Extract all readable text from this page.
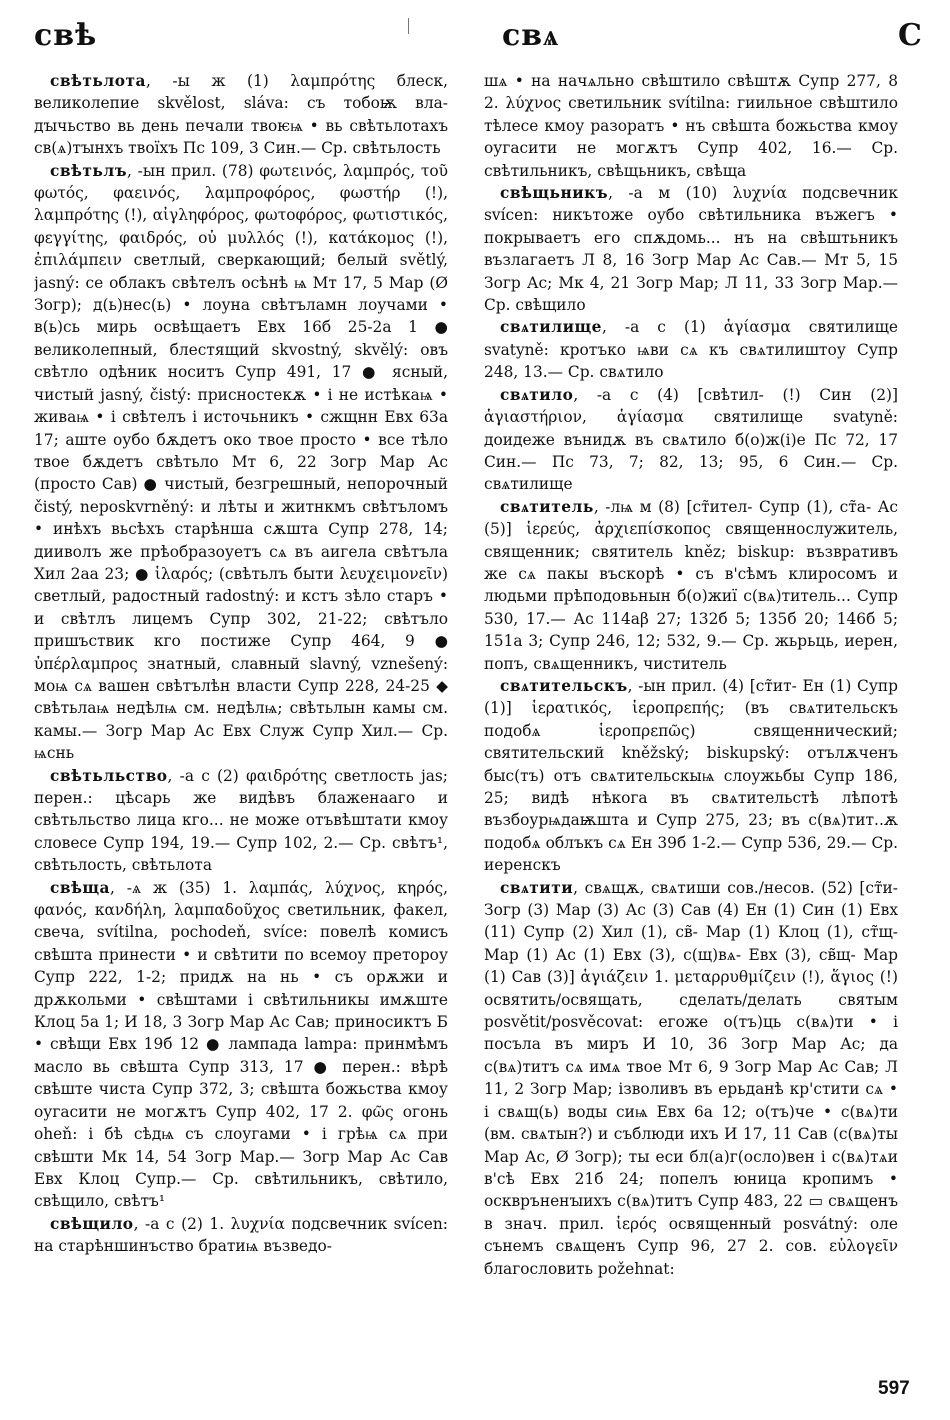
свѣ	свѧ	С

свѣтьлота, -ы ж (1) λαμπρότης блеск, великолепие skvělost, sláva: съ тобоѭ вла-дꙑчьство вь день печали твоѥѩ • вь свѣтьлотахъ св(ѧ)тꙑнхъ твоїхъ Пс 109, 3 Син.— Ср. свѣтьлость

свѣтьлъ, -ын прил. (78) φωτεινός, λαμπρός, τοῦ φωτός, φαεινός, λαμπροφόρος, φωστήρ (!), λαμπρότης (!), αἰγληφόρος, φωτοφόρος, φωτιστικός, φεγγίτης, φαιδρός, οὐ μυλλός (!), κατάκομος (!), ἐπιλάμπειν светлый, сверкающий; белый světlý, jasný: се облакъ свѣтелъ осѣнѣ ѩ Мт 17, 5 Мар (Ø Зогр); д(ь)нес(ь) • лоуна свѣтъламн лоучами • в(ь)сь мирь освѣщаетъ Евх 16б 25-2а 1 ● великолепный, блестящий skvostný, skvělý: овъ свѣтло одѣник носитъ Супр 491, 17 ● ясный, чистый jasný, čistý: присностекѫ • і не истѣкаѩ • живаѩ • і свѣтелъ і источьникъ • сжщнн Евх 63а 17; аште оубо бѫдетъ око твое просто • все тѣло твое бѫдетъ свѣтьло Мт 6, 22 Зогр Мар Ас (просто Сав) ● чистый, безгрешный, непорочный čistý, neposkvrněný: и лѣты и житнкмъ свѣтъломъ • инѣхъ вьсѣхъ старѣнша сѫшта Супр 278, 14; дииволъ же прѣобразоуетъ сѧ въ аигела свѣтъла Хил 2аа 23; ● ἱλαρός; (свѣтьлъ быти λευχειμονεῖν) светлый, радостный radostný: и кстъ зѣло старъ • и свѣтлъ лицемъ Супр 302, 21-22; свѣтъло пришъствик кго постиже Супр 464, 9 ● ὑπέρλαμπρος знатный, славный slavný, vznešený: моѩ сѧ вашен свѣтълѣн власти Супр 228, 24-25 ◆ свѣтьлаѩ недѣлѩ см. недѣлѩ; свѣтьлын камы см. камы.— Зогр Мар Ас Евх Служ Супр Хил.— Ср. ѩснь

свѣтьльство, -а с (2) φαιδρότης светлость jas; перен.: цѣсарь же видѣвъ блаженааго и свѣтьльство лица кго... не може отъвѣштати кмоу словесе Супр 194, 19.— Супр 102, 2.— Ср. свѣтъ¹, свѣтьлость, свѣтьлота

свѣща, -ѧ ж (35) 1. λαμπάς, λύχνος, κηρός, φανός, κανδήλη, λαμπαδοῦχος светильник, факел, свеча, svítilna, pochodeň, svíce: повелѣ комисъ свѣшта принести • и свѣтити по всемоу претороу Супр 222, 1-2; придѫ на нь • съ орѫжи и дрѫкольми • свѣштами і свѣтильникы имѫште Клоц 5а 1; И 18, 3 Зогр Мар Ас Сав; приносиктъ Б • свѣщи Евх 19б 12 ● лампада lampa: принмѣмъ масло вь свѣшта Супр 313, 17 ● перен.: вѣрѣ свѣште чиста Супр 372, 3; свѣшта божьства кмоу оугасити не могѫтъ Супр 402, 17 2. φῶς огонь oheň: і бѣ сѣдѩ съ слоугами • і грѣѩ сѧ при свѣшти Мк 14, 54 Зогр Мар.— Зогр Мар Ас Сав Евх Клоц Супр.— Ср. свѣтильникъ, свѣтило, свѣщило, свѣтъ¹

свѣщило, -а с (2) 1. λυχνία подсвечник svícen: на старѣншинъство братиѩ възведо-

шѧ • на начѧльно свѣштило свѣштѫ Супр 277, 8 2. λύχνος светильник svítilna: гиильное свѣштило тѣлесе кмоу разоратъ • нъ свѣшта божьства кмоу оугасити не могѫтъ Супр 402, 16.— Ср. свѣтильникъ, свѣщьникъ, свѣща

свѣщьникъ, -а м (10) λυχνία подсвечник svícen: никътоже оубо свѣтильника въжегъ • покрываетъ его спѫдомь... нъ на свѣштьникъ възлагаетъ Л 8, 16 Зогр Мар Ас Сав.— Мт 5, 15 Зогр Ас; Мк 4, 21 Зогр Мар; Л 11, 33 Зогр Мар.— Ср. свѣщило

свѧтилище, -а с (1) ἁγίασμα святилище svatyně: кротъко ѩви сѧ къ свѧтилиштоу Супр 248, 13.— Ср. свѧтило

свѧтило, -а с (4) [свѣтил- (!) Син (2)] ἁγιαστήριον, ἁγίασμα святилище svatyně: доидеже вънидѫ въ свѧтило б(о)ж(і)е Пс 72, 17 Син.— Пс 73, 7; 82, 13; 95, 6 Син.— Ср. свѧтилище

свѧтитель, -лѩ м (8) [ст̃ител- Супр (1), ст̃а- Ас (5)] ἱερεύς, ἀρχιεπίσκοπος священнослужитель, священник; святитель kněz; biskup: възвративъ же сѧ пакы въскорѣ • съ в'сѣмъ клиросомъ и людьми прѣподовьнын б(о)жиї с(вѧ)титель... Супр 530, 17.— Ас 114аβ 27; 132б 5; 135б 20; 146б 5; 151а 3; Супр 246, 12; 532, 9.— Ср. жьрьць, иерен, попъ, свѧщенникъ, чиститель

свѧтительскъ, -ын прил. (4) [ст̃ит- Ен (1) Супр (1)] ἱερατικός, ἱεροπρεπής; (въ свѧтительскъ подобѧ ἱεροπρεπῶς) священнический; святительский kněžský; biskupský: отълѫченъ быс(тъ) отъ свѧтительскыѩ слоужьбы Супр 186, 25; видѣ нѣкога въ свѧтительстѣ лѣпотѣ възбоурѩдаѭшта и Супр 275, 23; въ с(вѧ)тит..ѫ подобѧ облъкъ сѧ Ен 39б 1-2.— Супр 536, 29.— Ср. иеренскъ

свѧтити, свѧщѫ, свѧтиши сов./несов. (52) [ст̃и- Зогр (3) Мар (3) Ас (3) Сав (4) Ен (1) Син (1) Евх (11) Супр (2) Хил (1), св̃- Мар (1) Клоц (1), ст̃щ- Мар (1) Ас (1) Евх (3), с(щ)вѧ- Евх (3), св̃щ- Мар (1) Сав (3)] ἁγιάζειν 1. μεταρρυθμίζειν (!), ἅγιος (!) освятить/освящать, сделать/делать святым posvětit/posvěcovat: егоже о(тъ)ць с(вѧ)ти • і посъла въ миръ И 10, 36 Зогр Мар Ас; да с(вѧ)титъ сѧ имѧ твое Мт 6, 9 Зогр Мар Ас Сав; Л 11, 2 Зогр Мар; ізволивъ въ ерьданѣ кр'стити сѧ • і свѧщ(ь) воды сиѩ Евх 6а 12; о(тъ)че • с(вѧ)ти (вм. свѧтын?) и съблюди ихъ И 17, 11 Сав (с(вѧ)ты Мар Ас, Ø Зогр); ты еси бл(а)г(осло)вен і с(вѧ)тѧи в'сѣ Евх 21б 24; попелъ юница кропимъ • осквръненꙑихъ с(вѧ)титъ Супр 483, 22 ▭ свѧщенъ в знач. прил. ἱερός освященный posvátný: оле сънемъ свѧщенъ Супр 96, 27 2. сов. εὐλογεῖν благословить požehnat:

597
